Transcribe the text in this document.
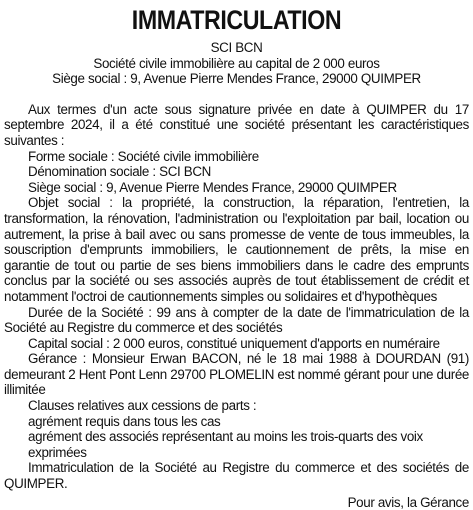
IMMATRICULATION
SCI BCN
Société civile immobilière au capital de 2 000 euros
Siège social : 9, Avenue Pierre Mendes France, 29000 QUIMPER
Aux termes d'un acte sous signature privée en date à QUIMPER du 17 septembre 2024, il a été constitué une société présentant les caractéristiques suivantes :
Forme sociale : Société civile immobilière
Dénomination sociale : SCI BCN
Siège social : 9, Avenue Pierre Mendes France, 29000 QUIMPER
Objet social : la propriété, la construction, la réparation, l'entretien, la transformation, la rénovation, l'administration ou l'exploitation par bail, location ou autrement, la prise à bail avec ou sans promesse de vente de tous immeubles, la souscription d'emprunts immobiliers, le cautionnement de prêts, la mise en garantie de tout ou partie de ses biens immobiliers dans le cadre des emprunts conclus par la société ou ses associés auprès de tout établissement de crédit et notamment l'octroi de cautionnements simples ou solidaires et d'hypothèques
Durée de la Société : 99 ans à compter de la date de l'immatriculation de la Société au Registre du commerce et des sociétés
Capital social : 2 000 euros, constitué uniquement d'apports en numéraire
Gérance : Monsieur Erwan BACON, né le 18 mai 1988 à DOURDAN (91) demeurant 2 Hent Pont Lenn 29700 PLOMELIN est nommé gérant pour une durée illimitée
Clauses relatives aux cessions de parts :
agrément requis dans tous les cas
agrément des associés représentant au moins les trois-quarts des voix exprimées
Immatriculation de la Société au Registre du commerce et des sociétés de QUIMPER.
Pour avis, la Gérance
